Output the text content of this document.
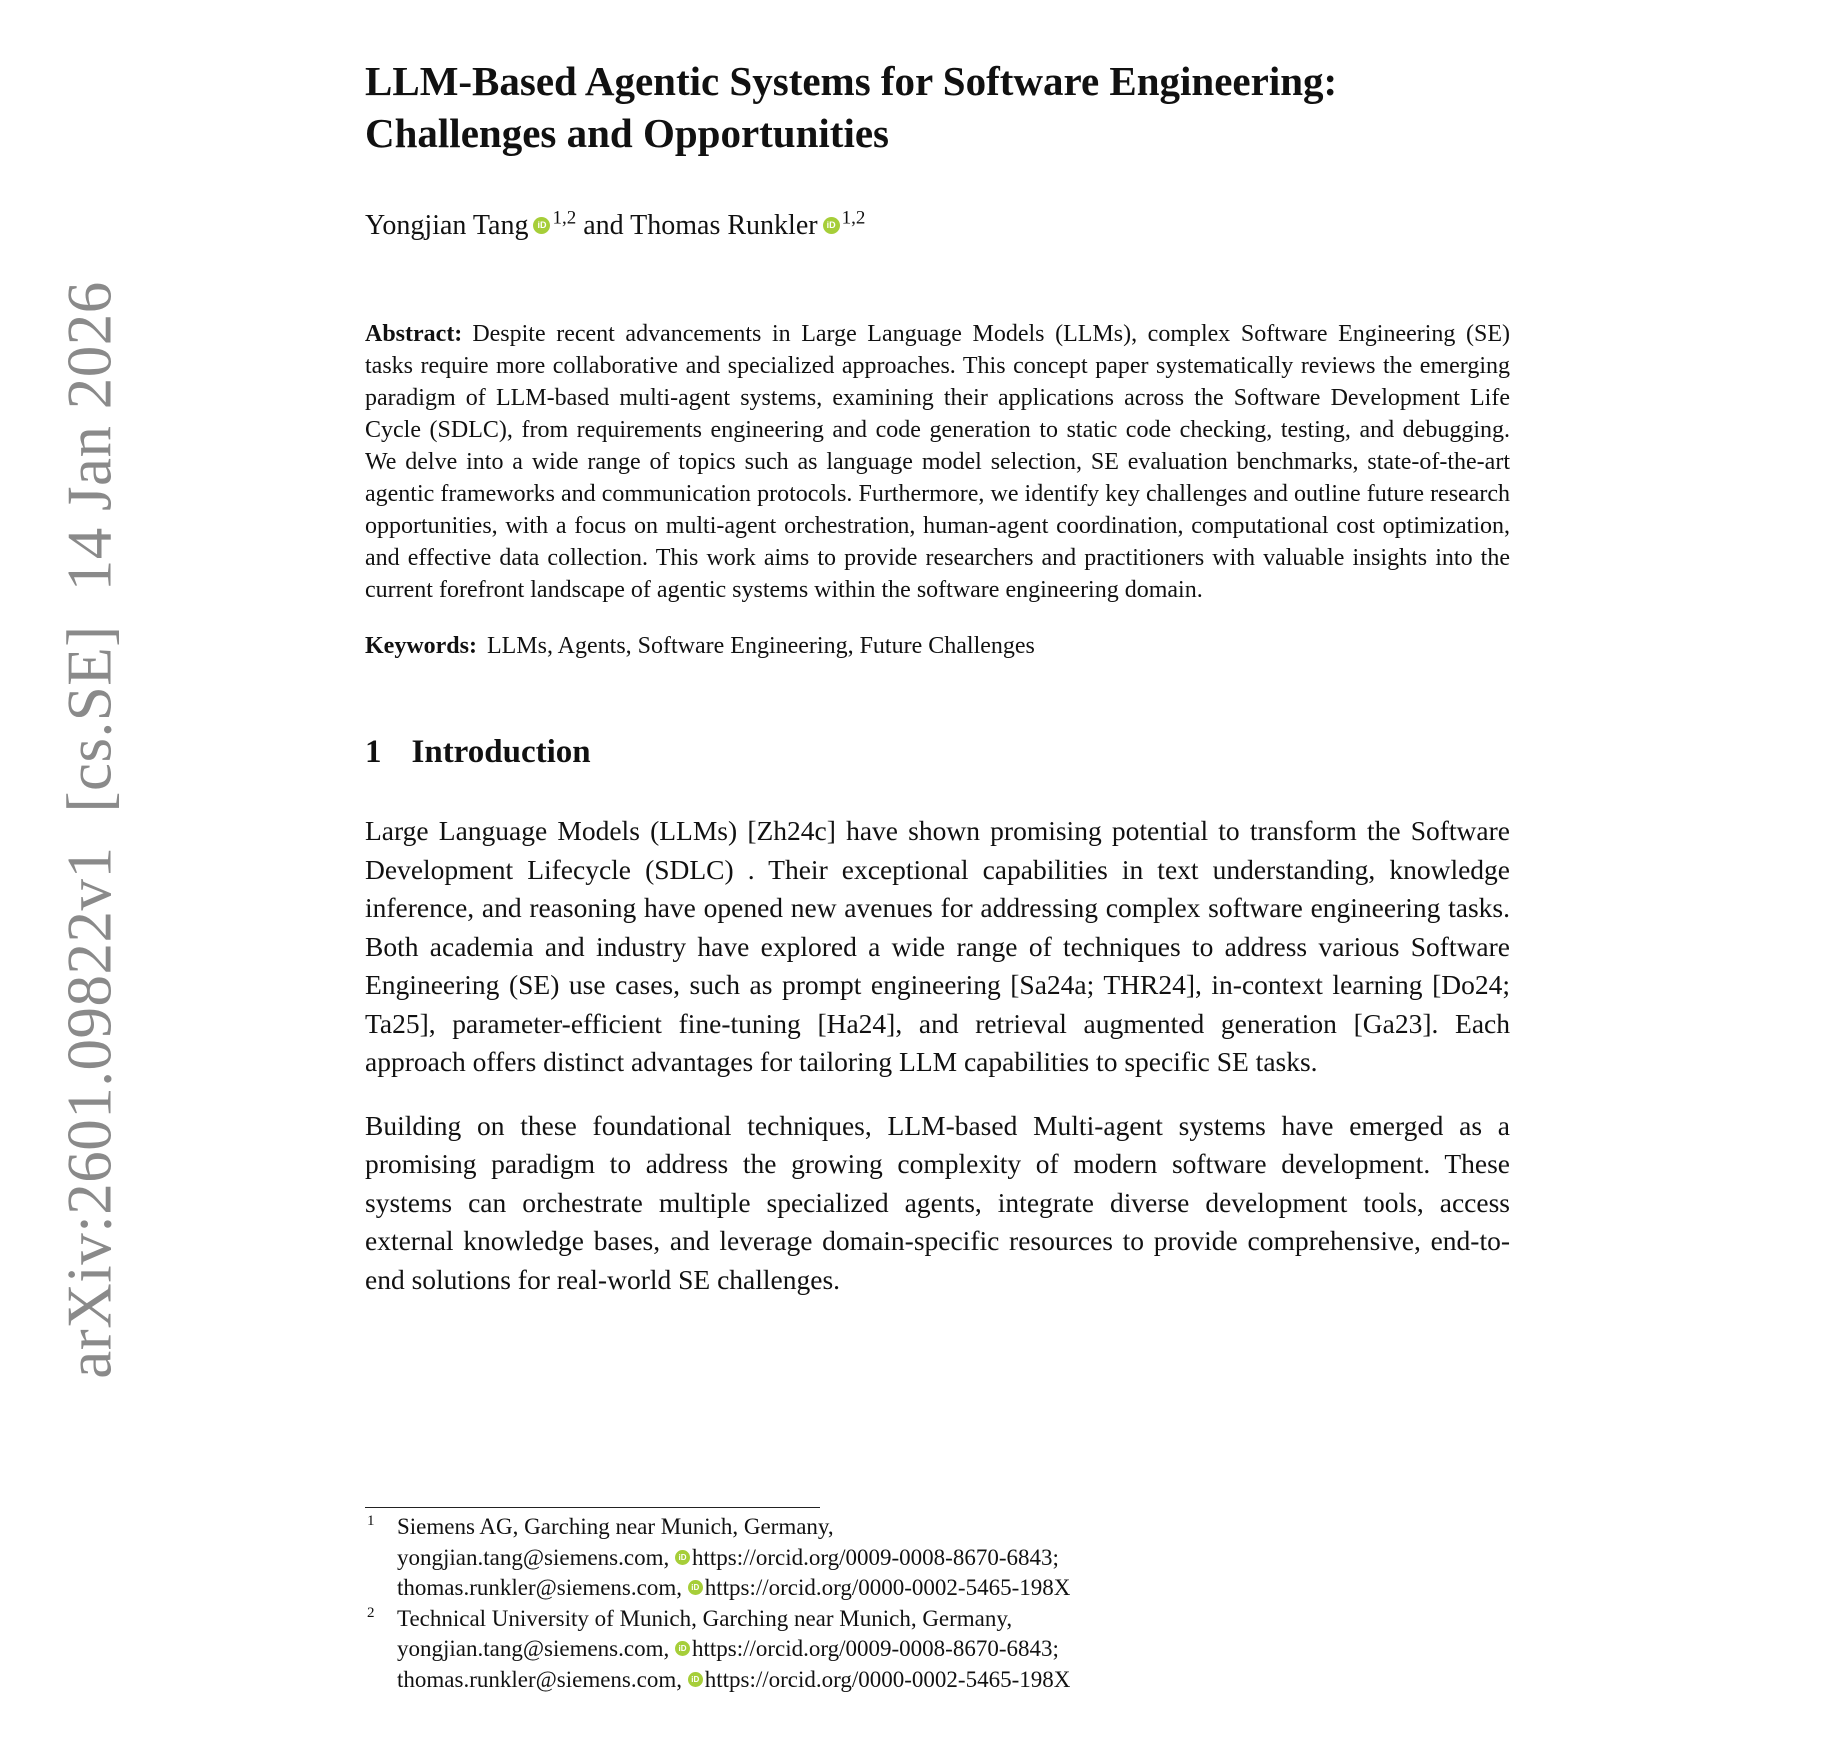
arXiv:2601.09822v1[cs.SE]14 Jan 2026
LLM-Based Agentic Systems for Software Engineering:
Challenges and Opportunities
Yongjian Tang iD $^{1,2}$ and Thomas Runkler iD $^{1,2}$
Abstract: Despite recent advancements in Large Language Models (LLMs), complex Software Engineering (SE) tasks require more collaborative and specialized approaches. This concept paper systematically reviews the emerging paradigm of LLM-based multi-agent systems, examining their applications across the Software Development Life Cycle (SDLC), from requirements engineering and code generation to static code checking, testing, and debugging. We delve into a wide range of topics such as language model selection, SE evaluation benchmarks, state-of-the-art agentic frameworks and communication protocols. Furthermore, we identify key challenges and outline future research opportunities, with a focus on multi-agent orchestration, human-agent coordination, computational cost optimization, and effective data collection. This work aims to provide researchers and practitioners with valuable insights into the current forefront landscape of agentic systems within the software engineering domain.
Keywords: LLMs, Agents, Software Engineering, Future Challenges
1 Introduction

Large Language Models (LLMs) [Zh24c] have shown promising potential to transform the Software Development Lifecycle (SDLC) . Their exceptional capabilities in text understanding, knowledge inference, and reasoning have opened new avenues for addressing complex software engineering tasks. Both academia and industry have explored a wide range of techniques to address various Software Engineering (SE) use cases, such as prompt engineering [Sa24a; THR24], in-context learning [Do24; Ta25], parameter-efficient fine-tuning [Ha24], and retrieval augmented generation [Ga23]. Each approach offers distinct advantages for tailoring LLM capabilities to specific SE tasks.

Building on these foundational techniques, LLM-based Multi-agent systems have emerged as a promising paradigm to address the growing complexity of modern software development. These systems can orchestrate multiple specialized agents, integrate diverse development tools, access external knowledge bases, and leverage domain-specific resources to provide comprehensive, end-to-end solutions for real-world SE challenges.

1 Siemens AG, Garching near Munich, Germany,
yongjian.tang@siemens.com, iD https://orcid.org/0009-0008-8670-6843;
thomas.runkler@siemens.com, iD https://orcid.org/0000-0002-5465-198X
2 Technical University of Munich, Garching near Munich, Germany,
yongjian.tang@siemens.com, iD https://orcid.org/0009-0008-8670-6843;
thomas.runkler@siemens.com, iD https://orcid.org/0000-0002-5465-198X
